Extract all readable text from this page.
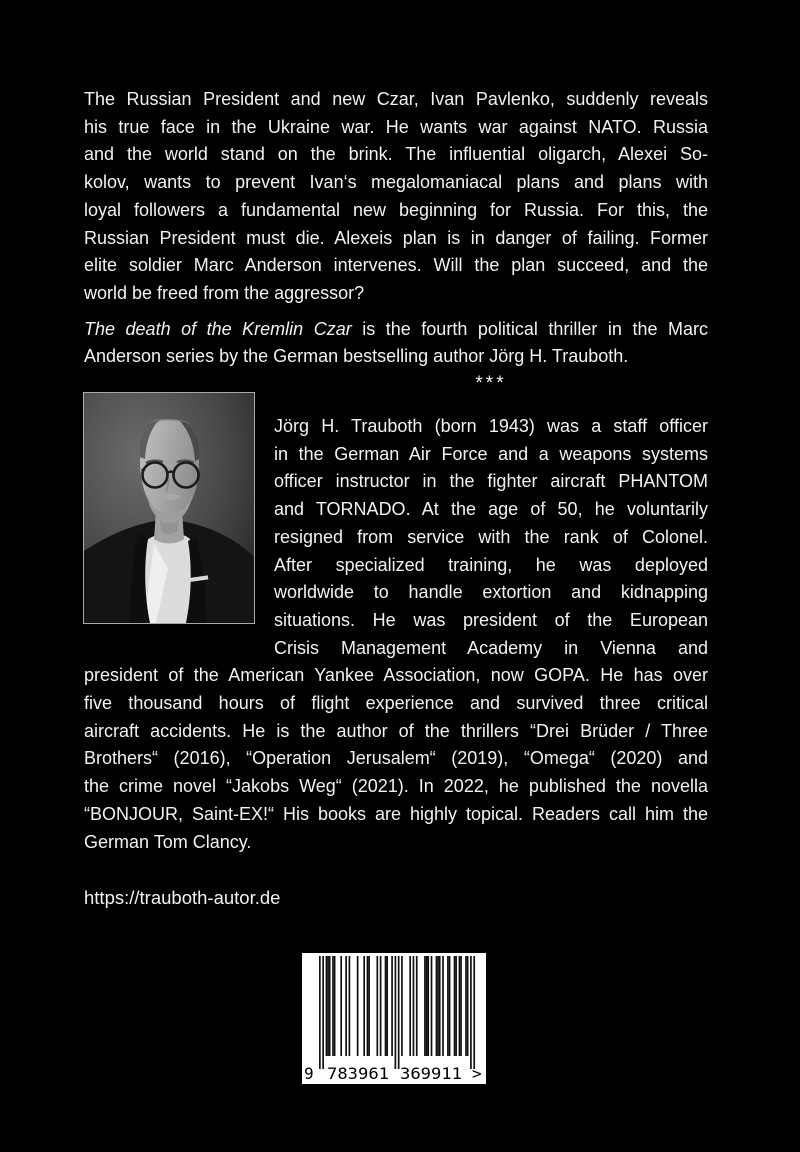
The Russian President and new Czar, Ivan Pavlenko, suddenly reveals
his true face in the Ukraine war. He wants war against NATO. Russia
and the world stand on the brink. The influential oligarch, Alexei So-
kolov, wants to prevent Ivan‘s megalomaniacal plans and plans with
loyal followers a fundamental new beginning for Russia. For this, the
Russian President must die. Alexeis plan is in danger of failing. Former
elite soldier Marc Anderson intervenes. Will the plan succeed, and the
world be freed from the aggressor?
The death of the Kremlin Czar is the fourth political thriller in the Marc
Anderson series by the German bestselling author Jörg H. Trauboth.
***
Jörg H. Trauboth (born 1943) was a staff officer
in the German Air Force and a weapons systems
officer instructor in the fighter aircraft PHANTOM
and TORNADO. At the age of 50, he voluntarily
resigned from service with the rank of Colonel.
After specialized training, he was deployed
worldwide to handle extortion and kidnapping
situations. He was president of the European
Crisis Management Academy in Vienna and
president of the American Yankee Association, now GOPA. He has over
five thousand hours of flight experience and survived three critical
aircraft accidents. He is the author of the thrillers “Drei Brüder / Three
Brothers“ (2016), “Operation Jerusalem“ (2019), “Omega“ (2020) and
the crime novel “Jakobs Weg“ (2021). In 2022, he published the novella
“BONJOUR, Saint-EX!“ His books are highly topical. Readers call him the
German Tom Clancy.
https://trauboth-autor.de
9 783961 369911 >
